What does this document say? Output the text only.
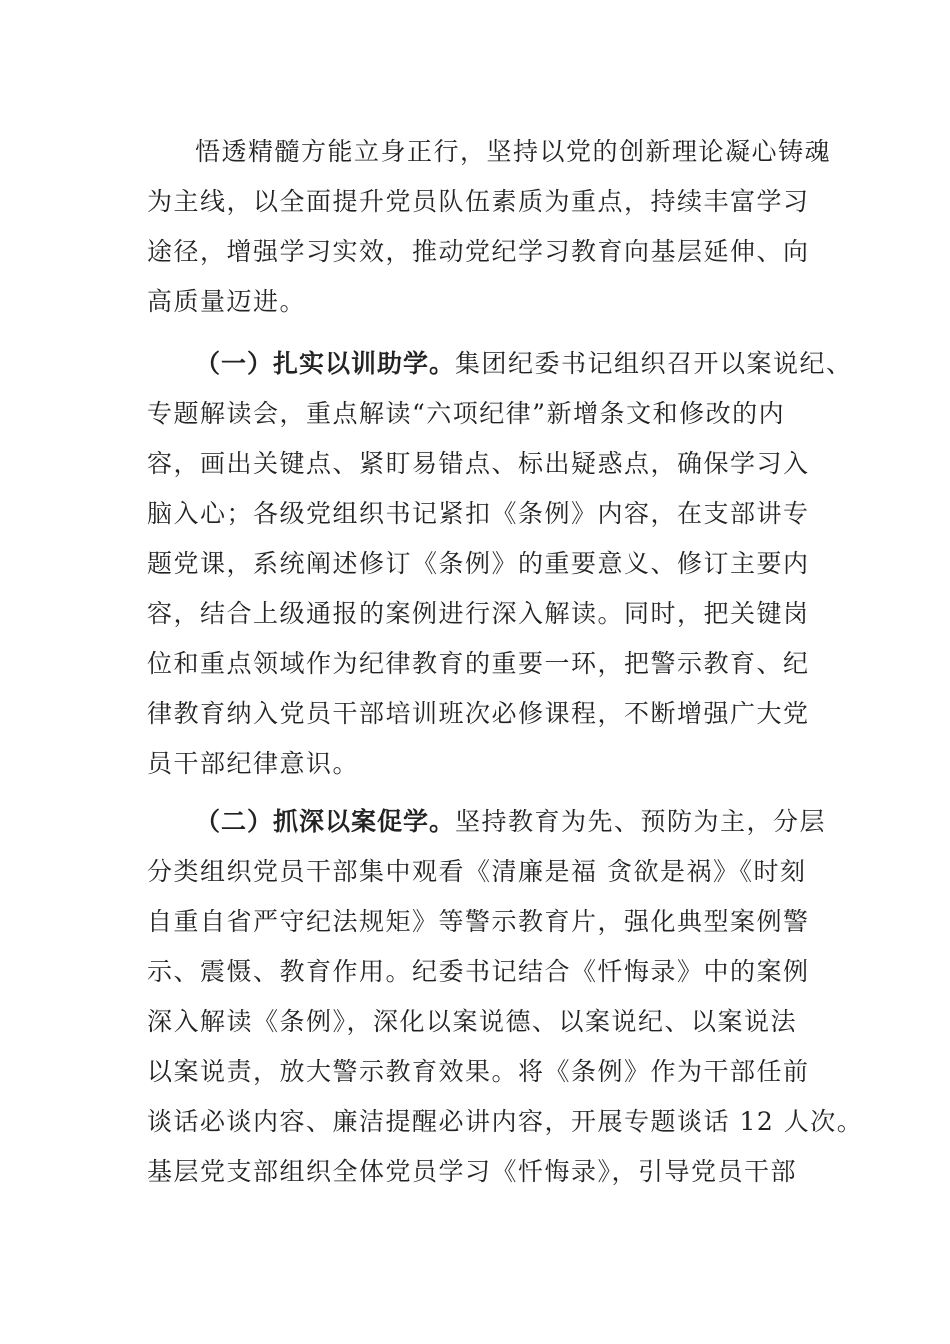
悟透精髓方能立身正行，坚持以党的创新理论凝心铸魂
为主线，以全面提升党员队伍素质为重点，持续丰富学习
途径，增强学习实效，推动党纪学习教育向基层延伸、向
高质量迈进。
（一）扎实以训助学。集团纪委书记组织召开以案说纪、
专题解读会，重点解读“六项纪律”新增条文和修改的内
容，画出关键点、紧盯易错点、标出疑惑点，确保学习入
脑入心；各级党组织书记紧扣《条例》内容，在支部讲专
题党课，系统阐述修订《条例》的重要意义、修订主要内
容，结合上级通报的案例进行深入解读。同时，把关键岗
位和重点领域作为纪律教育的重要一环，把警示教育、纪
律教育纳入党员干部培训班次必修课程，不断增强广大党
员干部纪律意识。
（二）抓深以案促学。坚持教育为先、预防为主，分层
分类组织党员干部集中观看《清廉是福 贪欲是祸》《时刻
自重自省严守纪法规矩》等警示教育片，强化典型案例警
示、震慑、教育作用。纪委书记结合《忏悔录》中的案例
深入解读《条例》，深化以案说德、以案说纪、以案说法
以案说责，放大警示教育效果。将《条例》作为干部任前
谈话必谈内容、廉洁提醒必讲内容，开展专题谈话 12 人次。
基层党支部组织全体党员学习《忏悔录》，引导党员干部
